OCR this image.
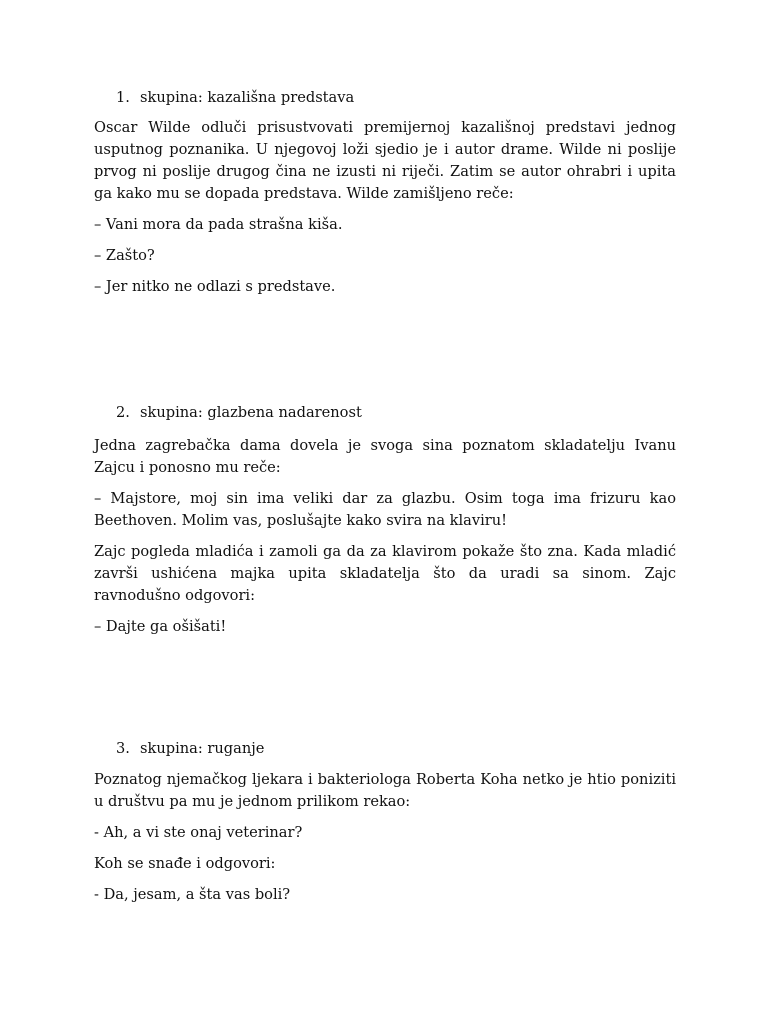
1. skupina: kazališna predstava

Oscar Wilde odluči prisustvovati premijernoj kazališnoj predstavi jednog usputnog poznanika. U njegovoj loži sjedio je i autor drame. Wilde ni poslije prvog ni poslije drugog čina ne izusti ni riječi. Zatim se autor ohrabri i upita ga kako mu se dopada predstava. Wilde zamišljeno reče:

– Vani mora da pada strašna kiša.

– Zašto?

– Jer nitko ne odlazi s predstave.

2. skupina: glazbena nadarenost

Jedna zagrebačka dama dovela je svoga sina poznatom skladatelju Ivanu Zajcu i ponosno mu reče:

– Majstore, moj sin ima veliki dar za glazbu. Osim toga ima frizuru kao Beethoven. Molim vas, poslušajte kako svira na klaviru!

Zajc pogleda mladića i zamoli ga da za klavirom pokaže što zna. Kada mladić završi ushićena majka upita skladatelja što da uradi sa sinom. Zajc ravnodušno odgovori:

– Dajte ga ošišati!

3. skupina: ruganje

Poznatog njemačkog ljekara i bakteriologa Roberta Koha netko je htio poniziti u društvu pa mu je jednom prilikom rekao:

- Ah, a vi ste onaj veterinar?

Koh se snađe i odgovori:

- Da, jesam, a šta vas boli?
